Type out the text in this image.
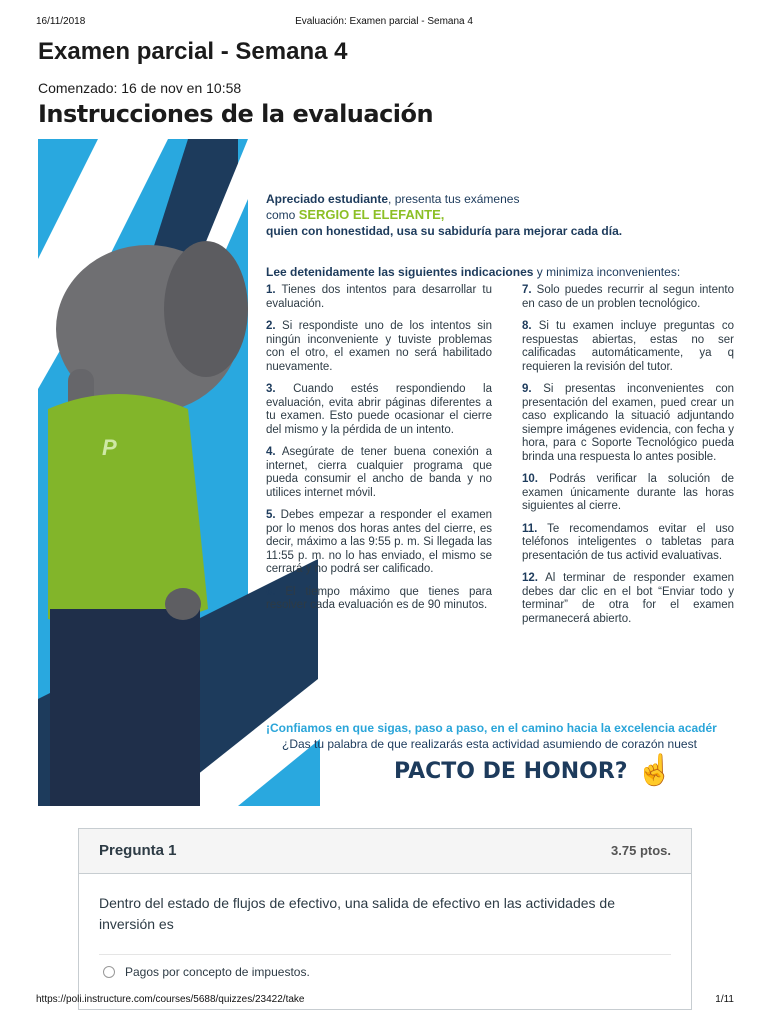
16/11/2018	Evaluación: Examen parcial - Semana 4
Examen parcial - Semana 4
Comenzado: 16 de nov en 10:58
Instrucciones de la evaluación
P
Apreciado estudiante, presenta tus exámenes
como SERGIO EL ELEFANTE,
quien con honestidad, usa su sabiduría para mejorar cada día.
Lee detenidamente las siguientes indicaciones y minimiza inconvenientes:
1. Tienes dos intentos para desarrollar tu evaluación.
2. Si respondiste uno de los intentos sin ningún inconveniente y tuviste problemas con el otro, el examen no será habilitado nuevamente.
3. Cuando estés respondiendo la evaluación, evita abrir páginas diferentes a tu examen. Esto puede ocasionar el cierre del mismo y la pérdida de un intento.
4. Asegúrate de tener buena conexión a internet, cierra cualquier programa que pueda consumir el ancho de banda y no utilices internet móvil.
5. Debes empezar a responder el examen por lo menos dos horas antes del cierre, es decir, máximo a las 9:55 p. m. Si llegada las 11:55 p. m. no lo has enviado, el mismo se cerrará y no podrá ser calificado.
6. El tiempo máximo que tienes para resolver cada evaluación es de 90 minutos.
7. Solo puedes recurrir al segun intento en caso de un problen tecnológico.
8. Si tu examen incluye preguntas co respuestas abiertas, estas no ser calificadas automáticamente, ya q requieren la revisión del tutor.
9. Si presentas inconvenientes con presentación del examen, pued crear un caso explicando la situació adjuntando siempre imágenes evidencia, con fecha y hora, para c Soporte Tecnológico pueda brinda una respuesta lo antes posible.
10. Podrás verificar la solución de examen únicamente durante las horas siguientes al cierre.
11. Te recomendamos evitar el uso teléfonos inteligentes o tabletas para presentación de tus activid evaluativas.
12. Al terminar de responder examen debes dar clic en el bot “Enviar todo y terminar” de otra for el examen permanecerá abierto.
¡Confiamos en que sigas, paso a paso, en el camino hacia la excelencia acadér
¿Das tu palabra de que realizarás esta actividad asumiendo de corazón nuest
PACTO DE HONOR? ☝
Pregunta 1	3.75 ptos.
Dentro del estado de flujos de efectivo, una salida de efectivo en las actividades de inversión es
Pagos por concepto de impuestos.
https://poli.instructure.com/courses/5688/quizzes/23422/take	1/11
